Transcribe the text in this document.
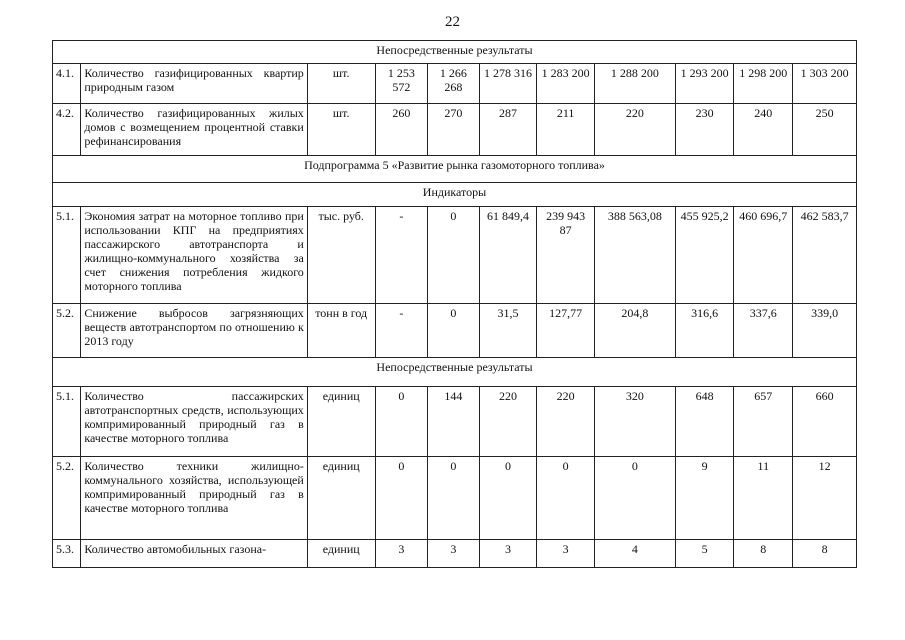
22
Непосредственные результаты										
4.1.	Количество газифицированных квартир природным газом	шт.	1 253 572	1 266 268	1 278 316	1 283 200	1 288 200	1 293 200	1 298 200	1 303 200
4.2.	Количество газифицированных жилых домов с возмещением процентной ставки рефинансирования	шт.	260	270	287	211	220	230	240	250
Подпрограмма 5 «Развитие рынка газомоторного топлива»										
Индикаторы										
5.1.	Экономия затрат на моторное топливо при использовании КПГ на предприятиях пассажирского автотранспорта и жилищно-коммунального хозяйства за счет снижения потребления жидкого моторного топлива	тыс. руб.	-	0	61 849,4	239 943 87	388 563,08	455 925,2	460 696,7	462 583,7
5.2.	Снижение выбросов загрязняющих веществ автотранспортом по отношению к 2013 году	тонн в год	-	0	31,5	127,77	204,8	316,6	337,6	339,0
Непосредственные результаты										
5.1.	Количество пассажирских автотранспортных средств, использующих компримированный природный газ в качестве моторного топлива	единиц	0	144	220	220	320	648	657	660
5.2.	Количество техники жилищно-коммунального хозяйства, использующей компримированный природный газ в качестве моторного топлива	единиц	0	0	0	0	0	9	11	12
5.3.	Количество автомобильных газона-	единиц	3	3	3	3	4	5	8	8
